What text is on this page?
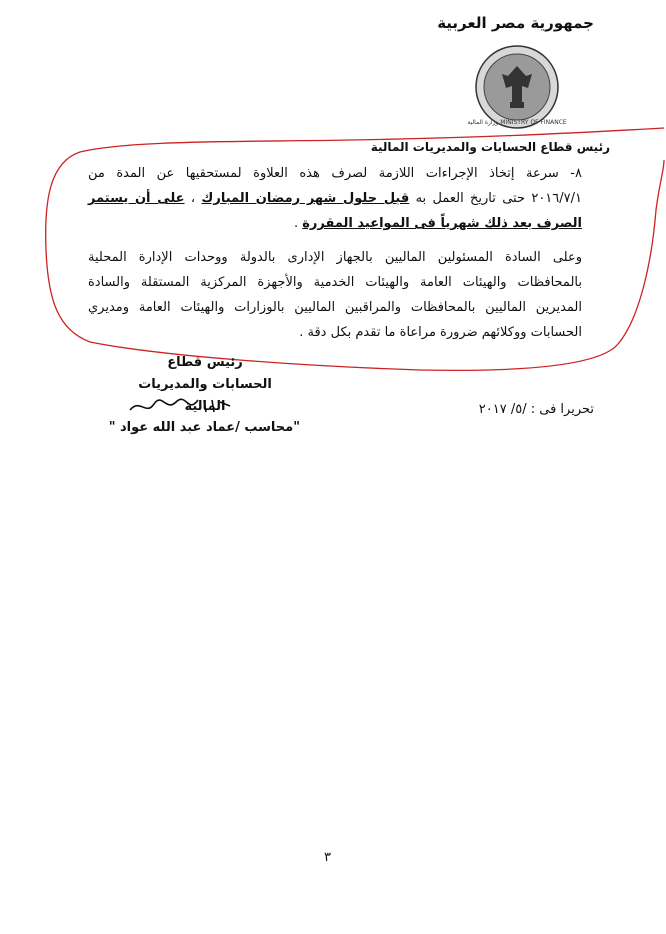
جمهورية مصر العربية
وزارة المالية MINISTRY OF FINANCE
رئيس قطاع الحسابات والمديريات المالية
٨- سرعة إتخاذ الإجراءات اللازمة لصرف هذه العلاوة لمستحقيها عن المدة من
٢٠١٦/٧/١ حتى تاريخ العمل به قبل حلول شهر رمضان المبارك ، على أن يستمر
الصرف بعد ذلك شهرياً فى المواعيد المقررة .
وعلى السادة المسئولين الماليين بالجهاز الإدارى بالدولة ووحدات الإدارة المحلية
بالمحافظات والهيئات العامة والهيئات الخدمية والأجهزة المركزية المستقلة والسادة
المديرين الماليين بالمحافظات والمراقبين الماليين بالوزارات والهيئات العامة ومديري
الحسابات ووكلائهم ضرورة مراعاة ما تقدم بكل دقة .
رئيس قطاع
الحسابات والمديريات المالية
"محاسب /عماد عبد الله عواد "
تحريرا فى : /٥/ ٢٠١٧
٣
